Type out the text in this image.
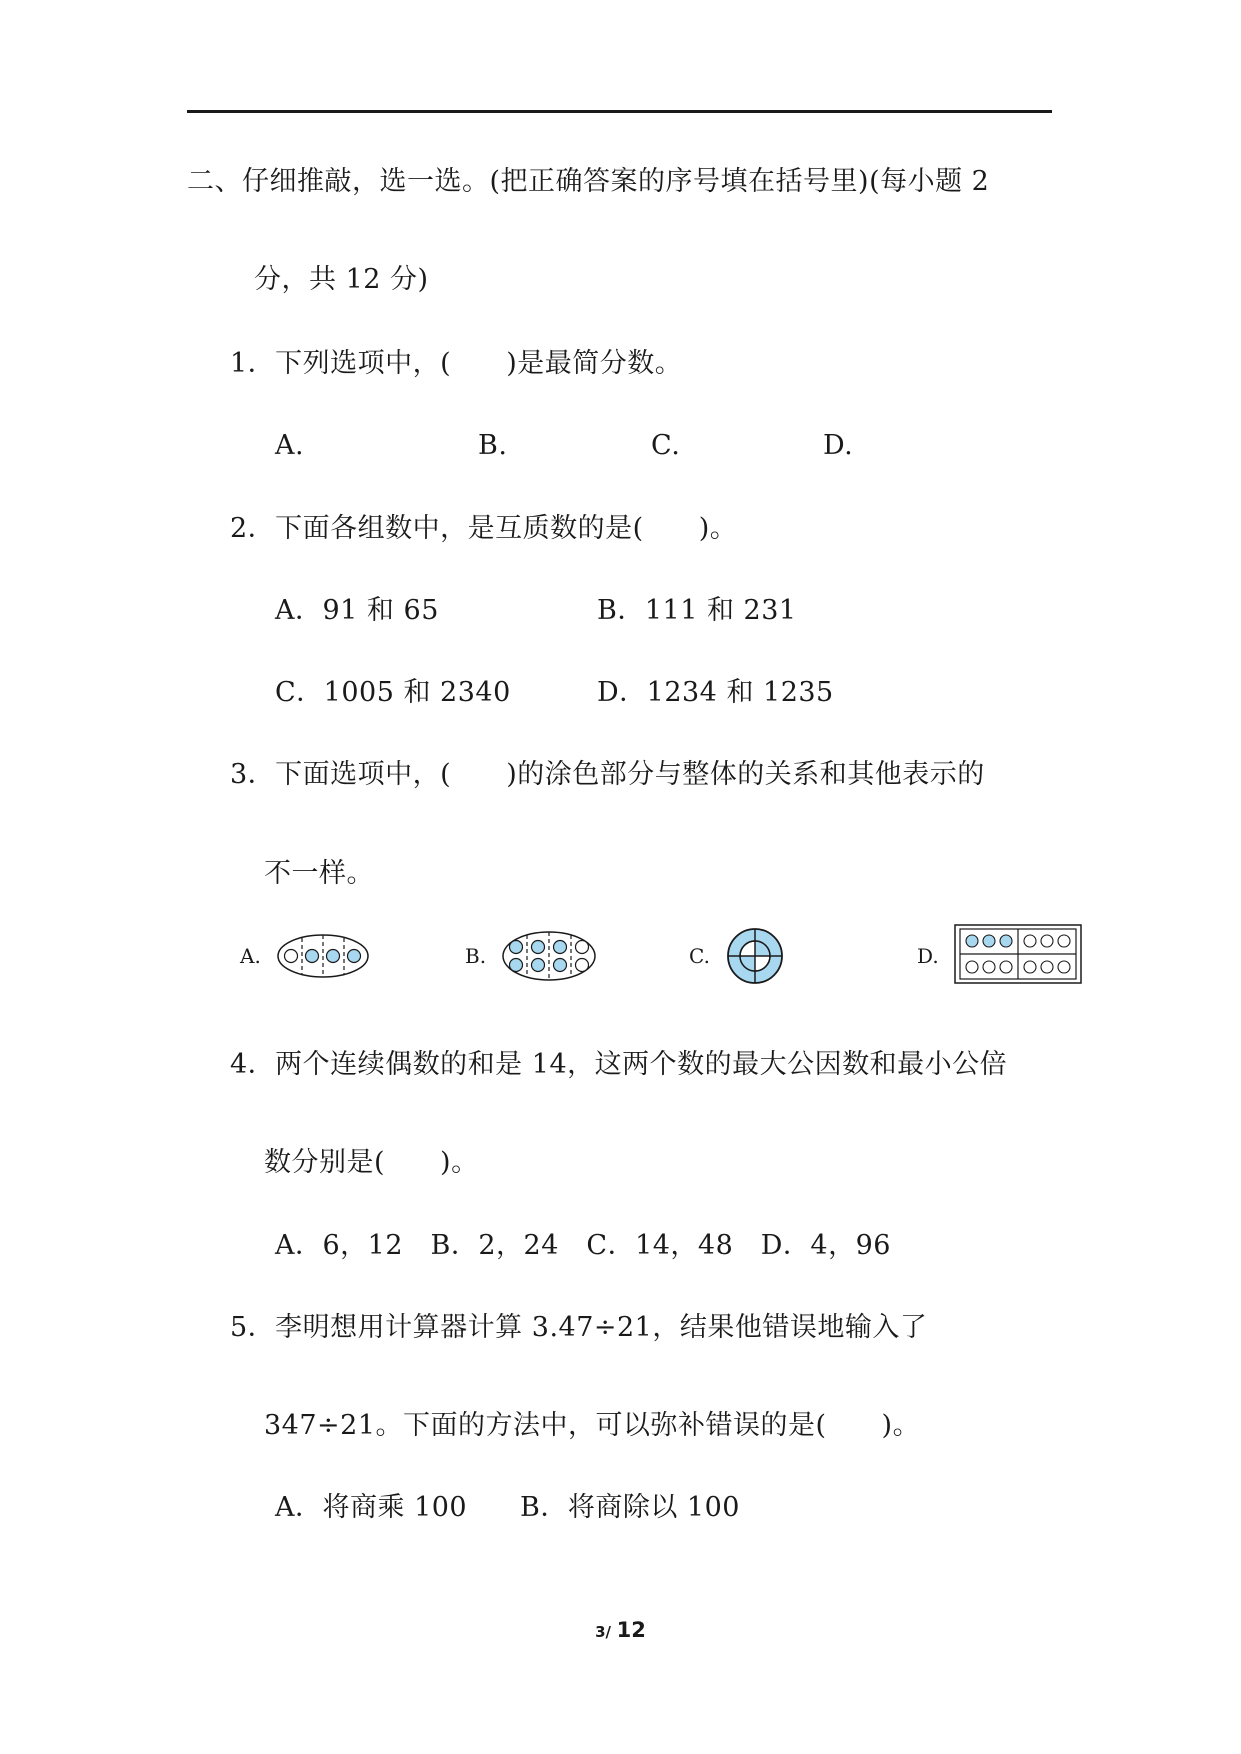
二、仔细推敲，选一选。(把正确答案的序号填在括号里)(每小题 2
分，共 12 分)
1．下列选项中，(　　)是最简分数。
A.	B.	C.	D.
2．下面各组数中，是互质数的是(　　)。
A．91 和 65	B．111 和 231
C．1005 和 2340	D．1234 和 1235
3．下面选项中，(　　)的涂色部分与整体的关系和其他表示的
不一样。
A.	B.	C.	D.
4．两个连续偶数的和是 14，这两个数的最大公因数和最小公倍
数分别是(　　)。
A．6，12　B．2，24　C．14，48　D．4，96
5．李明想用计算器计算 3.47÷21，结果他错误地输入了
347÷21。下面的方法中，可以弥补错误的是(　　)。
A．将商乘 100 B．将商除以 100
3/ 12
